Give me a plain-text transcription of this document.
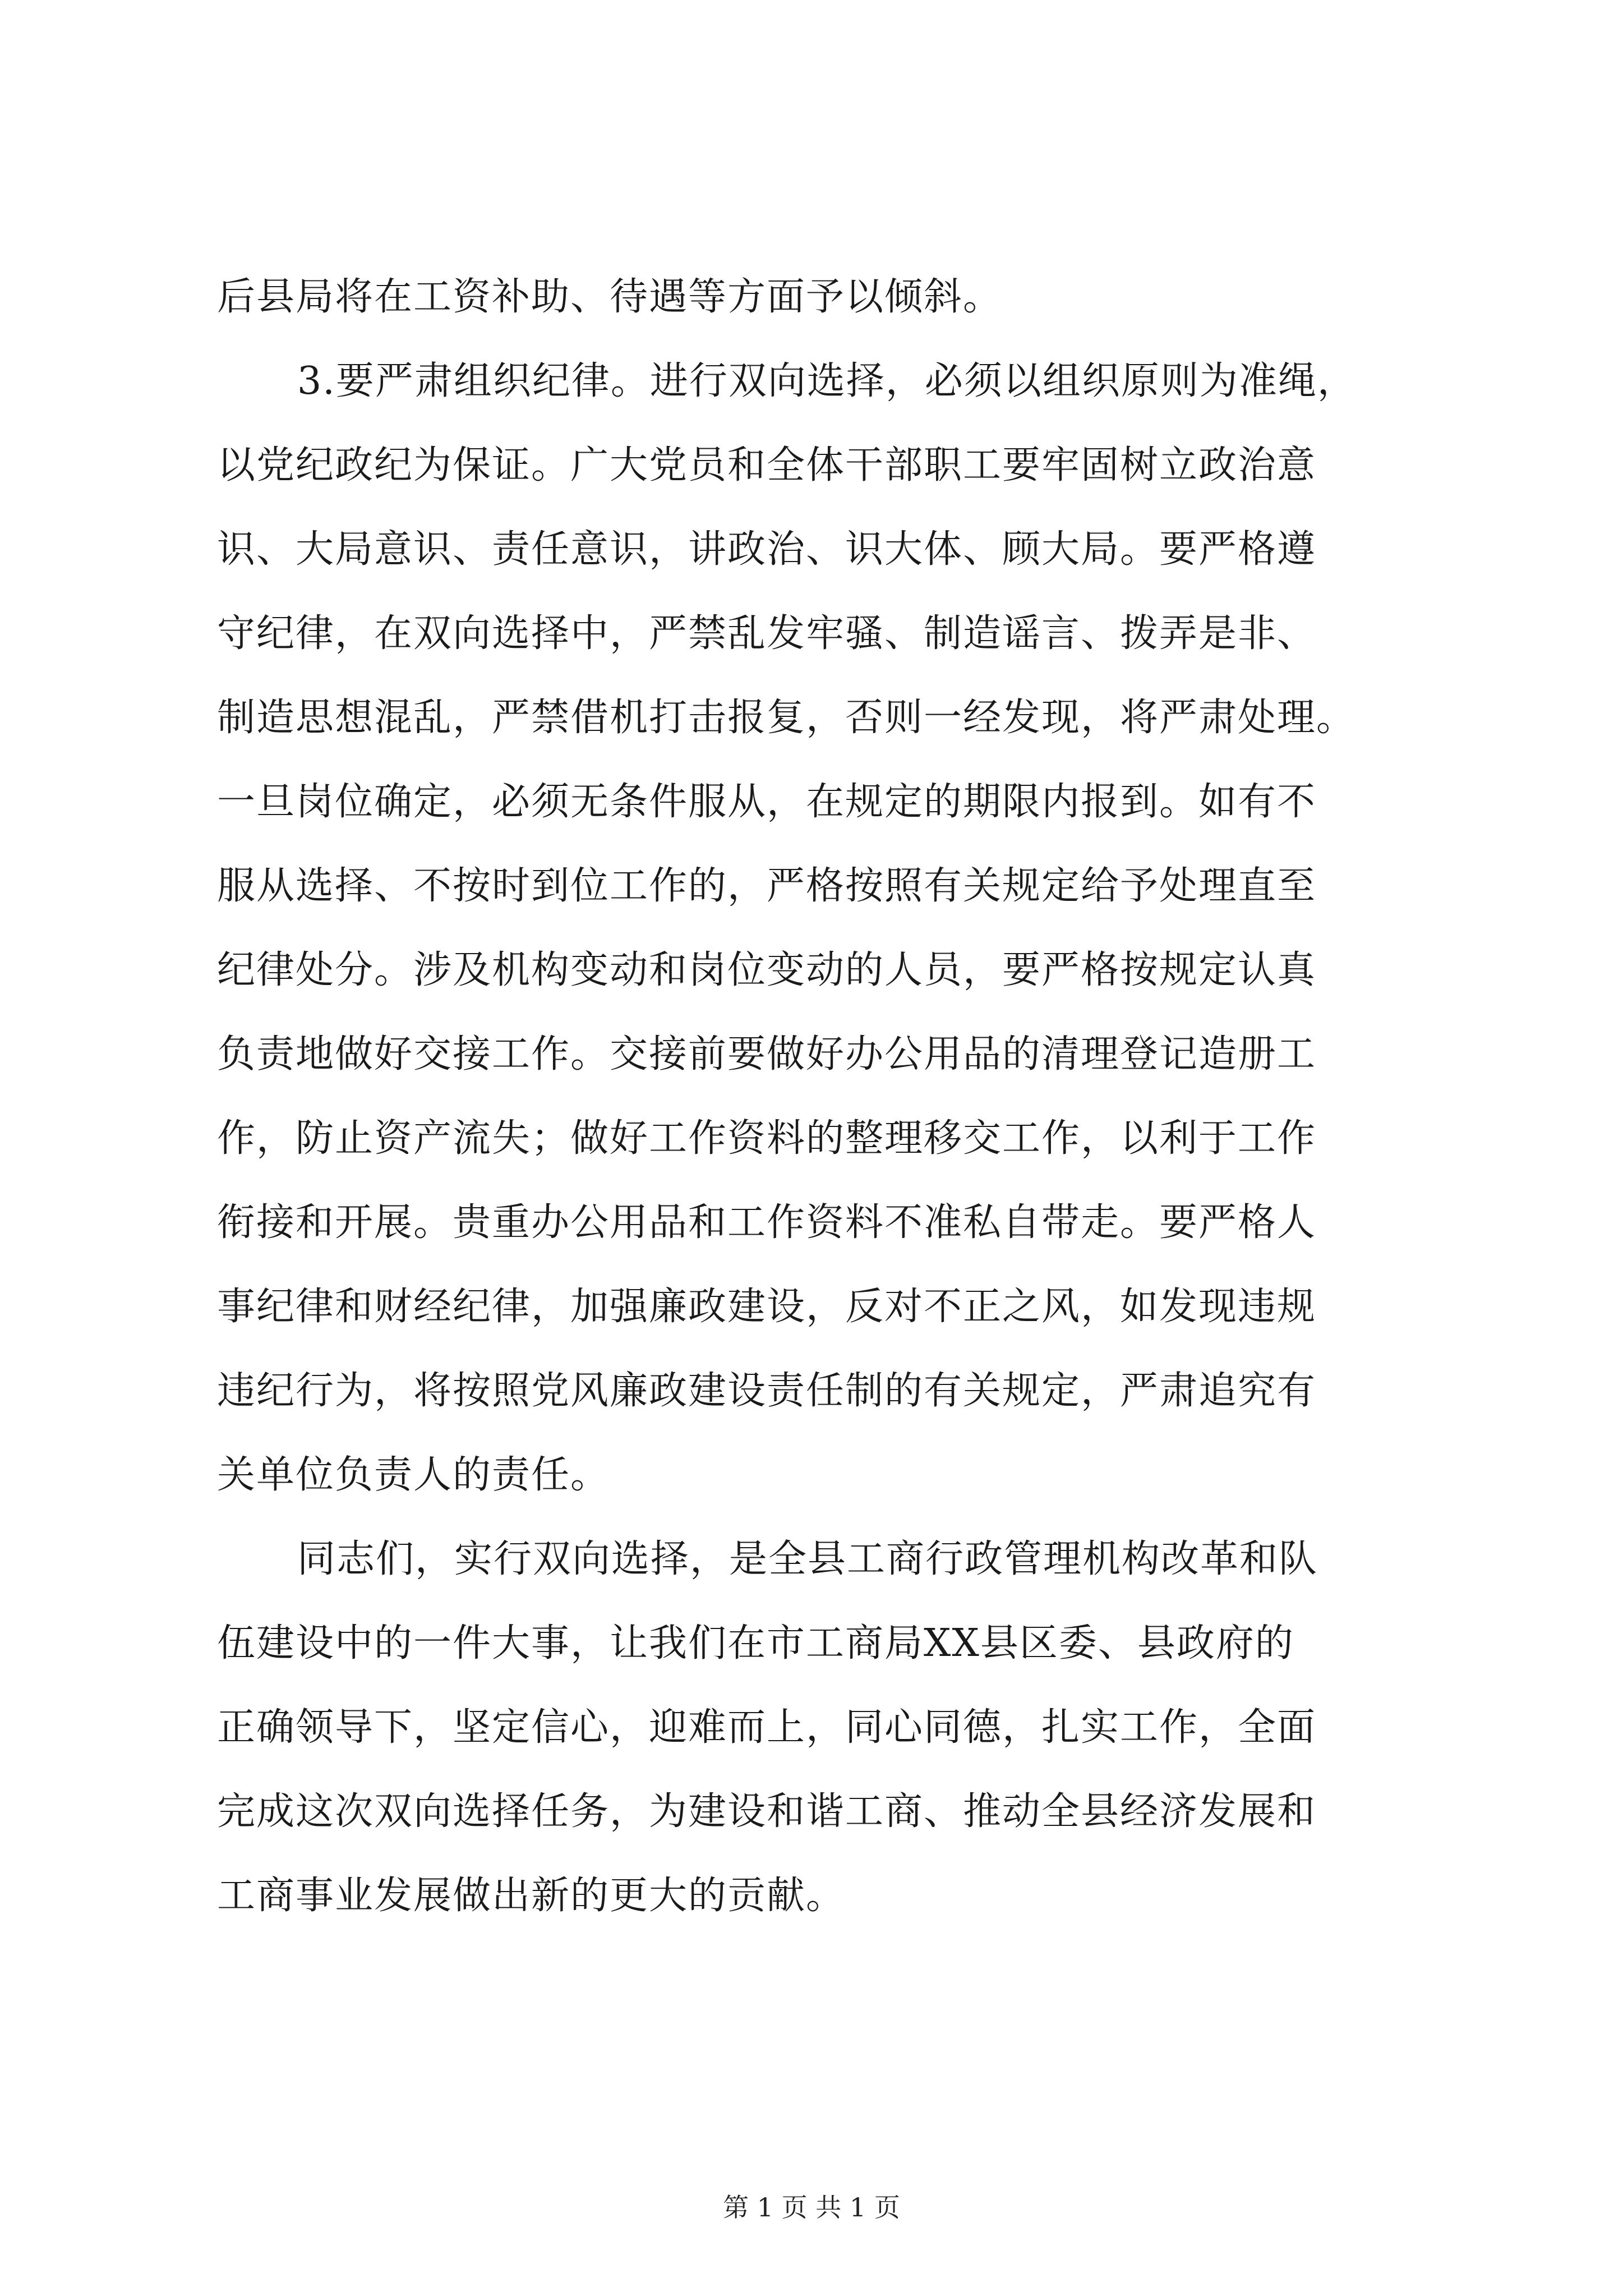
后县局将在工资补助、待遇等方面予以倾斜。

3.要严肃组织纪律。进行双向选择，必须以组织原则为准绳，

以党纪政纪为保证。广大党员和全体干部职工要牢固树立政治意

识、大局意识、责任意识，讲政治、识大体、顾大局。要严格遵

守纪律，在双向选择中，严禁乱发牢骚、制造谣言、拨弄是非、

制造思想混乱，严禁借机打击报复，否则一经发现，将严肃处理。

一旦岗位确定，必须无条件服从，在规定的期限内报到。如有不

服从选择、不按时到位工作的，严格按照有关规定给予处理直至

纪律处分。涉及机构变动和岗位变动的人员，要严格按规定认真

负责地做好交接工作。交接前要做好办公用品的清理登记造册工

作，防止资产流失；做好工作资料的整理移交工作，以利于工作

衔接和开展。贵重办公用品和工作资料不准私自带走。要严格人

事纪律和财经纪律，加强廉政建设，反对不正之风，如发现违规

违纪行为，将按照党风廉政建设责任制的有关规定，严肃追究有

关单位负责人的责任。

同志们，实行双向选择，是全县工商行政管理机构改革和队

伍建设中的一件大事，让我们在市工商局XX县区委、县政府的

正确领导下，坚定信心，迎难而上，同心同德，扎实工作，全面

完成这次双向选择任务，为建设和谐工商、推动全县经济发展和

工商事业发展做出新的更大的贡献。

第 1 页 共 1 页
